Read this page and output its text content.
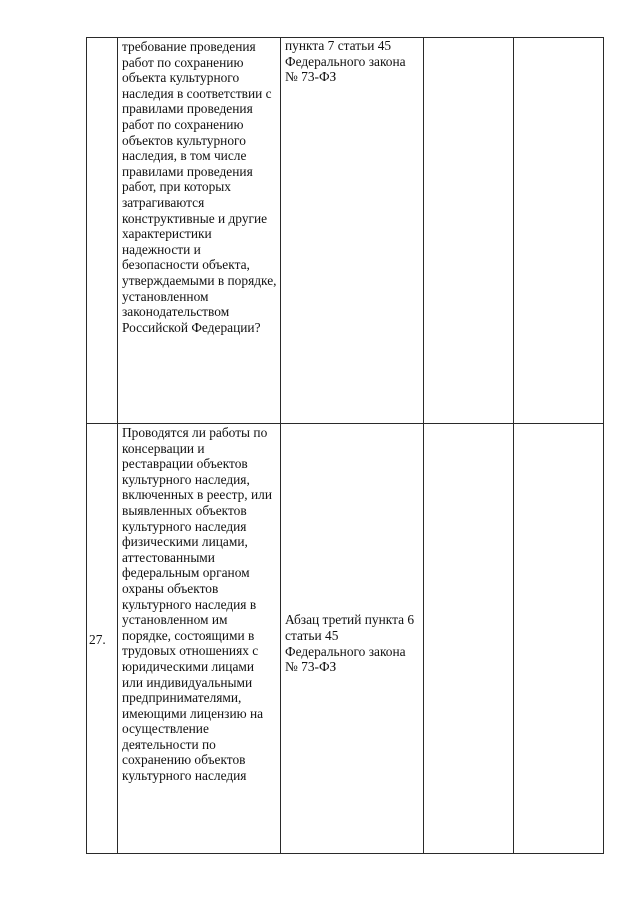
	требование проведения работ по сохранению объекта культурного наследия в соответствии с правилами проведения работ по сохранению объектов культурного наследия, в том числе правилами проведения работ, при которых затрагиваются конструктивные и другие характеристики надежности и безопасности объекта, утверждаемыми в порядке, установленном законодательством Российской Федерации?	пункта 7 статьи 45 Федерального закона № 73-ФЗ		

27.	Проводятся ли работы по консервации и реставрации объектов культурного наследия, включенных в реестр, или выявленных объектов культурного наследия физическими лицами, аттестованными федеральным органом охраны объектов культурного наследия в установленном им порядке, состоящими в трудовых отношениях с юридическими лицами или индивидуальными предпринимателями, имеющими лицензию на осуществление деятельности по сохранению объектов культурного наследия	Абзац третий пункта 6 статьи 45 Федерального закона № 73-ФЗ		
